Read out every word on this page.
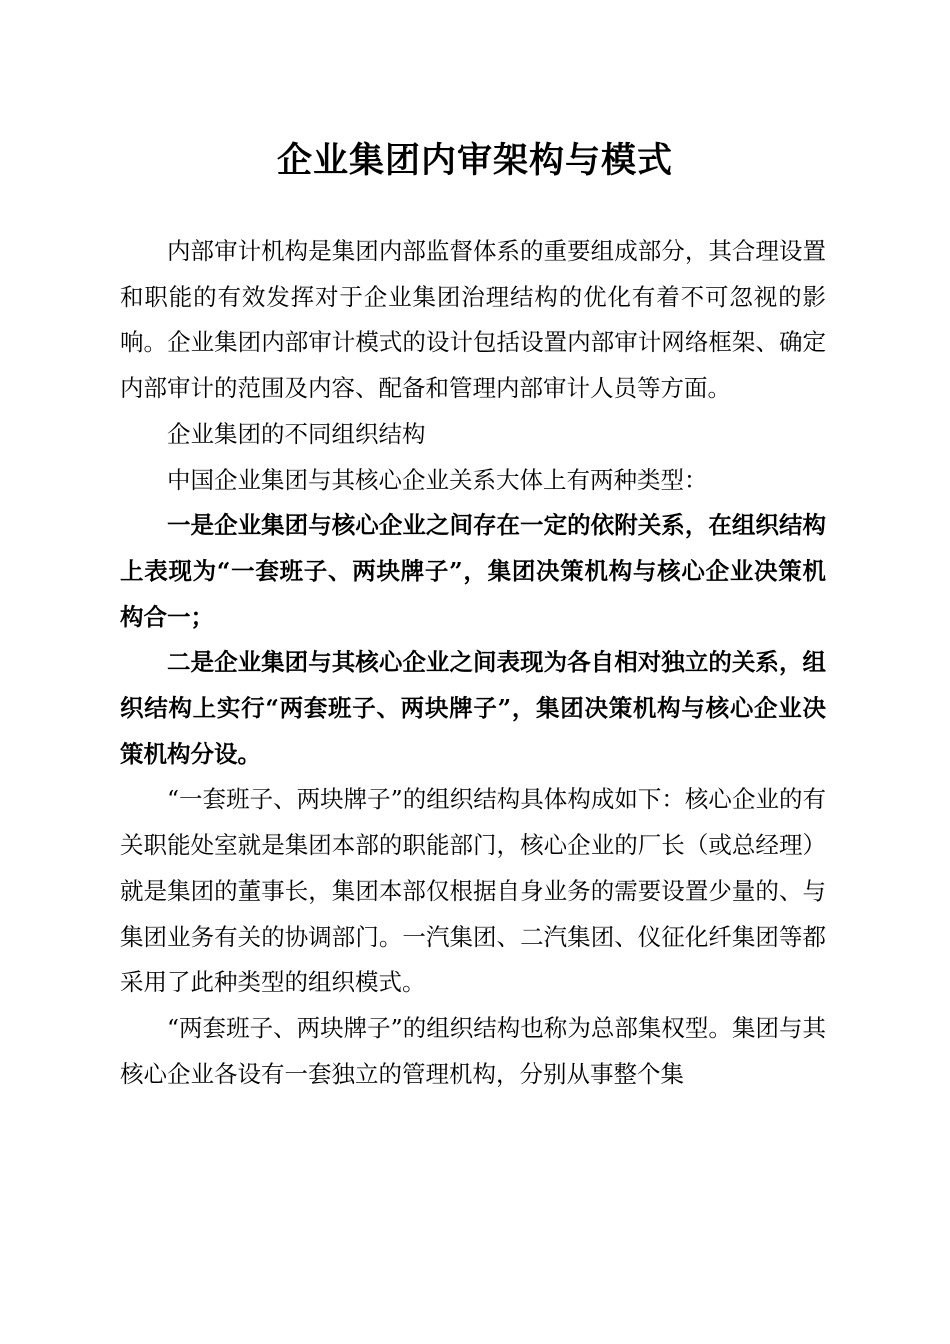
企业集团内审架构与模式

内部审计机构是集团内部监督体系的重要组成部分，其合理设置和职能的有效发挥对于企业集团治理结构的优化有着不可忽视的影响。企业集团内部审计模式的设计包括设置内部审计网络框架、确定内部审计的范围及内容、配备和管理内部审计人员等方面。

企业集团的不同组织结构

中国企业集团与其核心企业关系大体上有两种类型：

一是企业集团与核心企业之间存在一定的依附关系，在组织结构上表现为“一套班子、两块牌子”，集团决策机构与核心企业决策机构合一；

二是企业集团与其核心企业之间表现为各自相对独立的关系，组织结构上实行“两套班子、两块牌子”，集团决策机构与核心企业决策机构分设。

“一套班子、两块牌子”的组织结构具体构成如下：核心企业的有关职能处室就是集团本部的职能部门，核心企业的厂长（或总经理）就是集团的董事长，集团本部仅根据自身业务的需要设置少量的、与集团业务有关的协调部门。一汽集团、二汽集团、仪征化纤集团等都采用了此种类型的组织模式。

“两套班子、两块牌子”的组织结构也称为总部集权型。集团与其核心企业各设有一套独立的管理机构，分别从事整个集
